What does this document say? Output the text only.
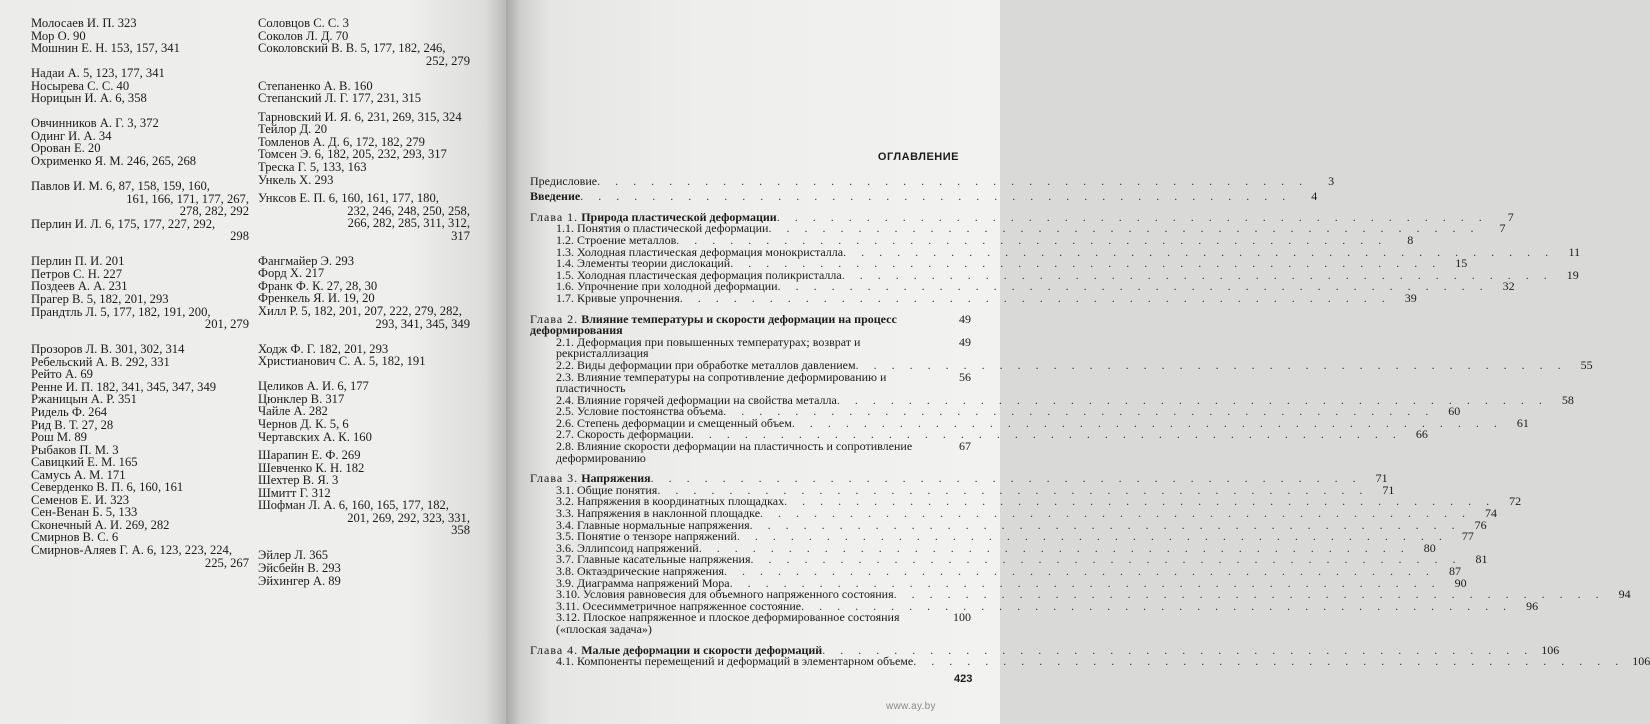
Молосаев И. П. 323
Мор О. 90
Мошнин Е. Н. 153, 157, 341
Надаи А. 5, 123, 177, 341
Носырева С. С. 40
Норицын И. А. 6, 358
Овчинников А. Г. 3, 372
Одинг И. А. 34
Орован Е. 20
Охрименко Я. М. 246, 265, 268
Павлов И. М. 6, 87, 158, 159, 160,
161, 166, 171, 177, 267,
278, 282, 292
Перлин И. Л. 6, 175, 177, 227, 292,
298
Перлин П. И. 201
Петров С. Н. 227
Поздеев А. А. 231
Прагер В. 5, 182, 201, 293
Прандтль Л. 5, 177, 182, 191, 200,
201, 279
Прозоров Л. В. 301, 302, 314
Ребельский А. В. 292, 331
Рейто А. 69
Ренне И. П. 182, 341, 345, 347, 349
Ржаницын А. Р. 351
Ридель Ф. 264
Рид В. Т. 27, 28
Рош М. 89
Рыбаков П. М. 3
Савицкий Е. М. 165
Самусь А. М. 171
Северденко В. П. 6, 160, 161
Семенов Е. И. 323
Сен-Венан Б. 5, 133
Сконечный А. И. 269, 282
Смирнов В. С. 6
Смирнов-Аляев Г. А. 6, 123, 223, 224,
225, 267
Соловцов С. С. 3
Соколов Л. Д. 70
Соколовский В. В. 5, 177, 182, 246,
252, 279
Степаненко А. В. 160
Степанский Л. Г. 177, 231, 315
Тарновский И. Я. 6, 231, 269, 315, 324
Тейлор Д. 20
Томленов А. Д. 6, 172, 182, 279
Томсен Э. 6, 182, 205, 232, 293, 317
Треска Г. 5, 133, 163
Ункель Х. 293
Унксов Е. П. 6, 160, 161, 177, 180,
232, 246, 248, 250, 258,
266, 282, 285, 311, 312,
317
Фангмайер Э. 293
Форд Х. 217
Франк Ф. К. 27, 28, 30
Френкель Я. И. 19, 20
Хилл Р. 5, 182, 201, 207, 222, 279, 282,
293, 341, 345, 349
Ходж Ф. Г. 182, 201, 293
Христианович С. А. 5, 182, 191
Целиков А. И. 6, 177
Цюнклер В. 317
Чайле А. 282
Чернов Д. К. 5, 6
Чертавских А. К. 160
Шарапин Е. Ф. 269
Шевченко К. Н. 182
Шехтер В. Я. 3
Шмитт Г. 312
Шофман Л. А. 6, 160, 165, 177, 182,
201, 269, 292, 323, 331,
358
Эйлер Л. 365
Эйсбейн В. 293
Эйхингер А. 89
ОГЛАВЛЕНИЕ
Предисловие . . . . . . . . . . . . . . . . . . . . . . . . . . . . . . . . . . . . . . . .	3
Введение . . . . . . . . . . . . . . . . . . . . . . . . . . . . . . . . . . . . . . . .	4
Глава 1. Природа пластической деформации . . . . . . . . . . . . . . . . . . . . . . . . . . . . . . . . . . . . . . . .	7
1.1. Понятия о пластической деформации . . . . . . . . . . . . . . . . . . . . . . . . . . . . . . . . . . . . . . . .	7
1.2. Строение металлов . . . . . . . . . . . . . . . . . . . . . . . . . . . . . . . . . . . . . . . .	8
1.3. Холодная пластическая деформация монокристалла . . . . . . . . . . . . . . . . . . . . . . . . . . . . . . . . . . . . . . . .	11
1.4. Элементы теории дислокаций . . . . . . . . . . . . . . . . . . . . . . . . . . . . . . . . . . . . . . . .	15
1.5. Холодная пластическая деформация поликристалла . . . . . . . . . . . . . . . . . . . . . . . . . . . . . . . . . . . . . . . .	19
1.6. Упрочнение при холодной деформации . . . . . . . . . . . . . . . . . . . . . . . . . . . . . . . . . . . . . . . .	32
1.7. Кривые упрочнения . . . . . . . . . . . . . . . . . . . . . . . . . . . . . . . . . . . . . . . .	39
Глава 2. Влияние температуры и скорости деформации на процесс деформирования
49
2.1. Деформация при повышенных температурах; возврат и рекристаллизация
49
2.2. Виды деформации при обработке металлов давлением . . . . . . . . . . . . . . . . . . . . . . . . . . . . . . . . . . . . . . . .	55
2.3. Влияние температуры на сопротивление деформированию и пластичность
56
2.4. Влияние горячей деформации на свойства металла . . . . . . . . . . . . . . . . . . . . . . . . . . . . . . . . . . . . . . . .	58
2.5. Условие постоянства объема . . . . . . . . . . . . . . . . . . . . . . . . . . . . . . . . . . . . . . . .	60
2.6. Степень деформации и смещенный объем . . . . . . . . . . . . . . . . . . . . . . . . . . . . . . . . . . . . . . . .	61
2.7. Скорость деформации . . . . . . . . . . . . . . . . . . . . . . . . . . . . . . . . . . . . . . . .	66
2.8. Влияние скорости деформации на пластичность и сопротивление деформированию
67
Глава 3. Напряжения . . . . . . . . . . . . . . . . . . . . . . . . . . . . . . . . . . . . . . . .	71
3.1. Общие понятия . . . . . . . . . . . . . . . . . . . . . . . . . . . . . . . . . . . . . . . .	71
3.2. Напряжения в координатных площадках . . . . . . . . . . . . . . . . . . . . . . . . . . . . . . . . . . . . . . . .	72
3.3. Напряжения в наклонной площадке . . . . . . . . . . . . . . . . . . . . . . . . . . . . . . . . . . . . . . . .	74
3.4. Главные нормальные напряжения . . . . . . . . . . . . . . . . . . . . . . . . . . . . . . . . . . . . . . . .	76
3.5. Понятие о тензоре напряжений . . . . . . . . . . . . . . . . . . . . . . . . . . . . . . . . . . . . . . . .	77
3.6. Эллипсоид напряжений . . . . . . . . . . . . . . . . . . . . . . . . . . . . . . . . . . . . . . . .	80
3.7. Главные касательные напряжения . . . . . . . . . . . . . . . . . . . . . . . . . . . . . . . . . . . . . . . .	81
3.8. Октаэдрические напряжения . . . . . . . . . . . . . . . . . . . . . . . . . . . . . . . . . . . . . . . .	87
3.9. Диаграмма напряжений Мора . . . . . . . . . . . . . . . . . . . . . . . . . . . . . . . . . . . . . . . .	90
3.10. Условия равновесия для объемного напряженного состояния . . . . . . . . . . . . . . . . . . . . . . . . . . . . . . . . . . . . . . . .	94
3.11. Осесимметричное напряженное состояние . . . . . . . . . . . . . . . . . . . . . . . . . . . . . . . . . . . . . . . .	96
3.12. Плоское напряженное и плоское деформированное состояния («плоская задача»)
100
Глава 4. Малые деформации и скорости деформаций . . . . . . . . . . . . . . . . . . . . . . . . . . . . . . . . . . . . . . . . 106
4.1. Компоненты перемещений и деформаций в элементарном объеме . . . . . . . . . . . . . . . . . . . . . . . . . . . . . . . . . . . . . . . . 106
423
www.ay.by
